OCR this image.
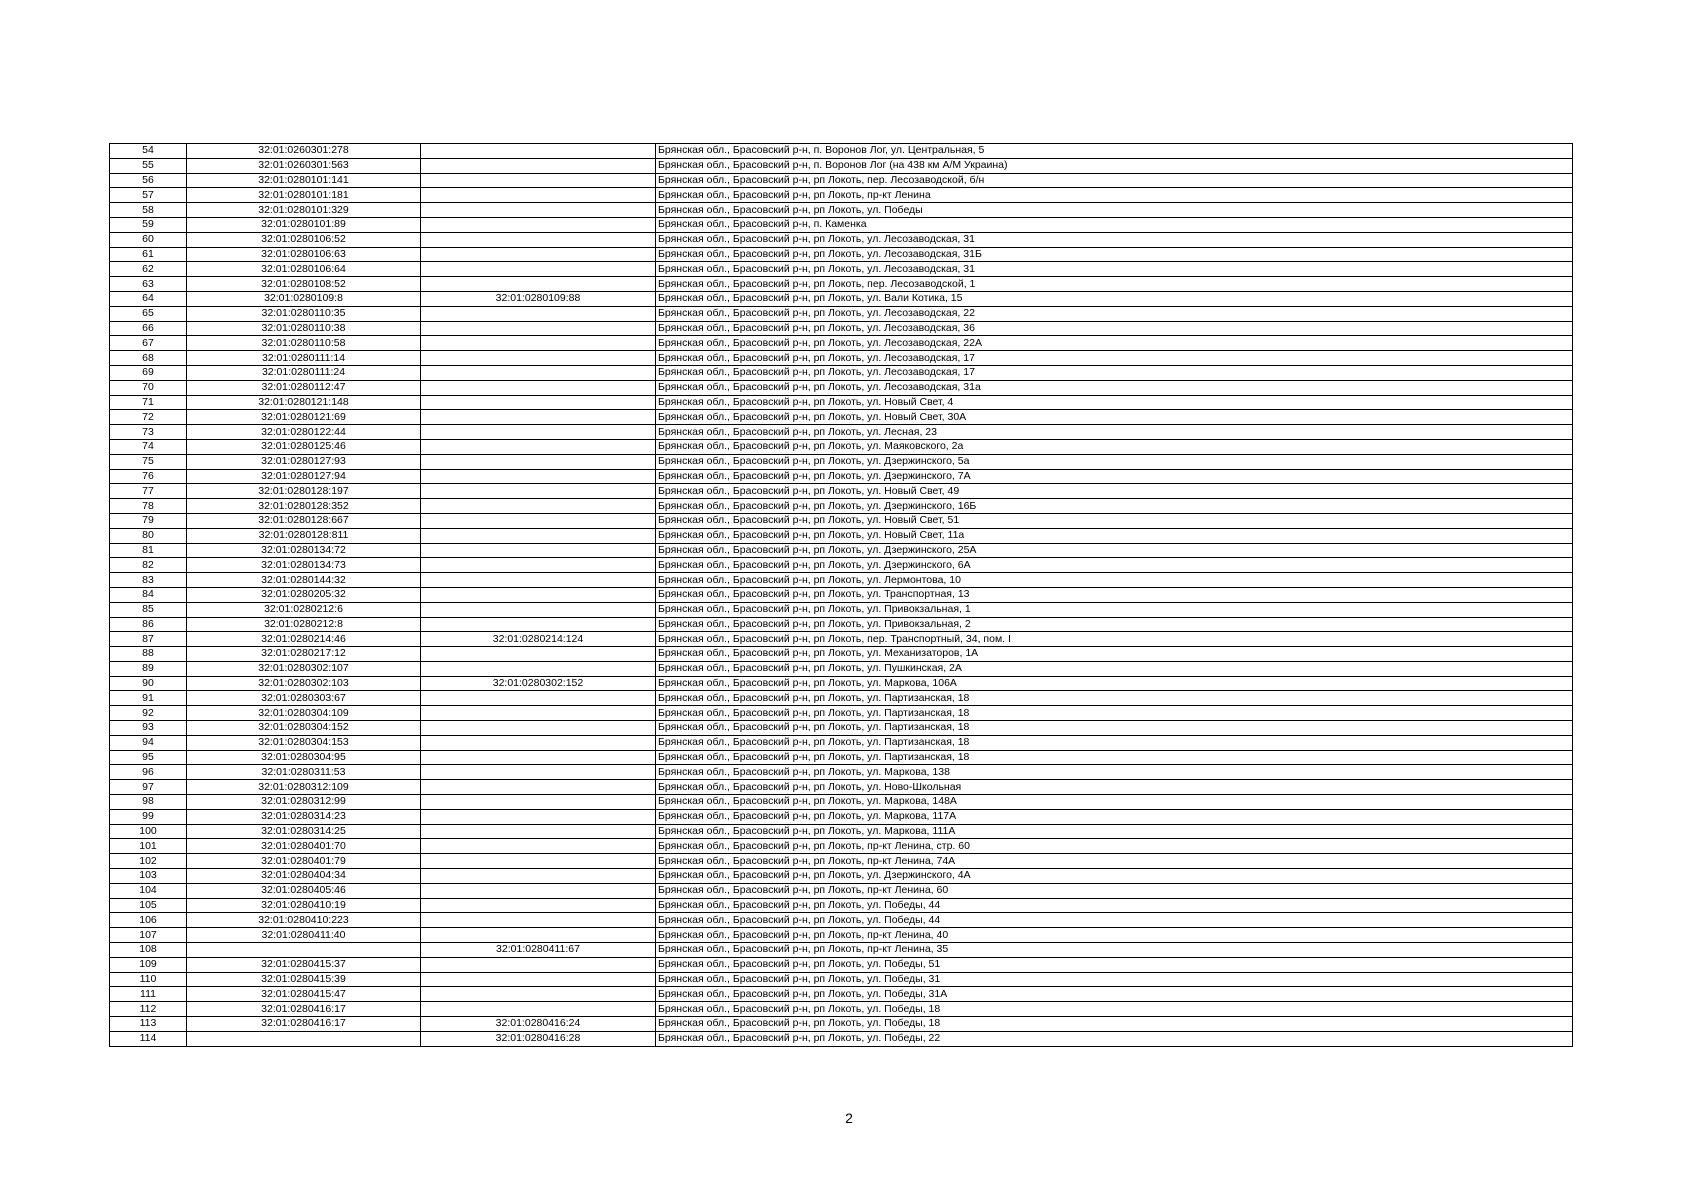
54	32:01:0260301:278		Брянская обл., Брасовский р-н, п. Воронов Лог, ул. Центральная, 5
55	32:01:0260301:563		Брянская обл., Брасовский р-н, п. Воронов Лог (на 438 км А/М Украина)
56	32:01:0280101:141		Брянская обл., Брасовский р-н, рп Локоть, пер. Лесозаводской, б/н
57	32:01:0280101:181		Брянская обл., Брасовский р-н, рп Локоть, пр-кт Ленина
58	32:01:0280101:329		Брянская обл., Брасовский р-н, рп Локоть, ул. Победы
59	32:01:0280101:89		Брянская обл., Брасовский р-н, п. Каменка
60	32:01:0280106:52		Брянская обл., Брасовский р-н, рп Локоть, ул. Лесозаводская, 31
61	32:01:0280106:63		Брянская обл., Брасовский р-н, рп Локоть, ул. Лесозаводская, 31Б
62	32:01:0280106:64		Брянская обл., Брасовский р-н, рп Локоть, ул. Лесозаводская, 31
63	32:01:0280108:52		Брянская обл., Брасовский р-н, рп Локоть, пер. Лесозаводской, 1
64	32:01:0280109:8	32:01:0280109:88	Брянская обл., Брасовский р-н, рп Локоть, ул. Вали Котика, 15
65	32:01:0280110:35		Брянская обл., Брасовский р-н, рп Локоть, ул. Лесозаводская, 22
66	32:01:0280110:38		Брянская обл., Брасовский р-н, рп Локоть, ул. Лесозаводская, 36
67	32:01:0280110:58		Брянская обл., Брасовский р-н, рп Локоть, ул. Лесозаводская, 22А
68	32:01:0280111:14		Брянская обл., Брасовский р-н, рп Локоть, ул. Лесозаводская, 17
69	32:01:0280111:24		Брянская обл., Брасовский р-н, рп Локоть, ул. Лесозаводская, 17
70	32:01:0280112:47		Брянская обл., Брасовский р-н, рп Локоть, ул. Лесозаводская, 31а
71	32:01:0280121:148		Брянская обл., Брасовский р-н, рп Локоть, ул. Новый Свет, 4
72	32:01:0280121:69		Брянская обл., Брасовский р-н, рп Локоть, ул. Новый Свет, 30А
73	32:01:0280122:44		Брянская обл., Брасовский р-н, рп Локоть, ул. Лесная, 23
74	32:01:0280125:46		Брянская обл., Брасовский р-н, рп Локоть, ул. Маяковского, 2а
75	32:01:0280127:93		Брянская обл., Брасовский р-н, рп Локоть, ул. Дзержинского, 5а
76	32:01:0280127:94		Брянская обл., Брасовский р-н, рп Локоть, ул. Дзержинского, 7А
77	32:01:0280128:197		Брянская обл., Брасовский р-н, рп Локоть, ул. Новый Свет, 49
78	32:01:0280128:352		Брянская обл., Брасовский р-н, рп Локоть, ул. Дзержинского, 16Б
79	32:01:0280128:667		Брянская обл., Брасовский р-н, рп Локоть, ул. Новый Свет, 51
80	32:01:0280128:811		Брянская обл., Брасовский р-н, рп Локоть, ул. Новый Свет, 11а
81	32:01:0280134:72		Брянская обл., Брасовский р-н, рп Локоть, ул. Дзержинского, 25А
82	32:01:0280134:73		Брянская обл., Брасовский р-н, рп Локоть, ул. Дзержинского, 6А
83	32:01:0280144:32		Брянская обл., Брасовский р-н, рп Локоть, ул. Лермонтова, 10
84	32:01:0280205:32		Брянская обл., Брасовский р-н, рп Локоть, ул. Транспортная, 13
85	32:01:0280212:6		Брянская обл., Брасовский р-н, рп Локоть, ул. Привокзальная, 1
86	32:01:0280212:8		Брянская обл., Брасовский р-н, рп Локоть, ул. Привокзальная, 2
87	32:01:0280214:46	32:01:0280214:124	Брянская обл., Брасовский р-н, рп Локоть, пер. Транспортный, 34, пом. I
88	32:01:0280217:12		Брянская обл., Брасовский р-н, рп Локоть, ул. Механизаторов, 1А
89	32:01:0280302:107		Брянская обл., Брасовский р-н, рп Локоть, ул. Пушкинская, 2А
90	32:01:0280302:103	32:01:0280302:152	Брянская обл., Брасовский р-н, рп Локоть, ул. Маркова, 106А
91	32:01:0280303:67		Брянская обл., Брасовский р-н, рп Локоть, ул. Партизанская, 18
92	32:01:0280304:109		Брянская обл., Брасовский р-н, рп Локоть, ул. Партизанская, 18
93	32:01:0280304:152		Брянская обл., Брасовский р-н, рп Локоть, ул. Партизанская, 18
94	32:01:0280304:153		Брянская обл., Брасовский р-н, рп Локоть, ул. Партизанская, 18
95	32:01:0280304:95		Брянская обл., Брасовский р-н, рп Локоть, ул. Партизанская, 18
96	32:01:0280311:53		Брянская обл., Брасовский р-н, рп Локоть, ул. Маркова, 138
97	32:01:0280312:109		Брянская обл., Брасовский р-н, рп Локоть, ул. Ново-Школьная
98	32:01:0280312:99		Брянская обл., Брасовский р-н, рп Локоть, ул. Маркова, 148А
99	32:01:0280314:23		Брянская обл., Брасовский р-н, рп Локоть, ул. Маркова, 117А
100	32:01:0280314:25		Брянская обл., Брасовский р-н, рп Локоть, ул. Маркова, 111А
101	32:01:0280401:70		Брянская обл., Брасовский р-н, рп Локоть, пр-кт Ленина, стр. 60
102	32:01:0280401:79		Брянская обл., Брасовский р-н, рп Локоть, пр-кт Ленина, 74А
103	32:01:0280404:34		Брянская обл., Брасовский р-н, рп Локоть, ул. Дзержинского, 4А
104	32:01:0280405:46		Брянская обл., Брасовский р-н, рп Локоть, пр-кт Ленина, 60
105	32:01:0280410:19		Брянская обл., Брасовский р-н, рп Локоть, ул. Победы, 44
106	32:01:0280410:223		Брянская обл., Брасовский р-н, рп Локоть, ул. Победы, 44
107	32:01:0280411:40		Брянская обл., Брасовский р-н, рп Локоть, пр-кт Ленина, 40
108		32:01:0280411:67	Брянская обл., Брасовский р-н, рп Локоть, пр-кт Ленина, 35
109	32:01:0280415:37		Брянская обл., Брасовский р-н, рп Локоть, ул. Победы, 51
110	32:01:0280415:39		Брянская обл., Брасовский р-н, рп Локоть, ул. Победы, 31
111	32:01:0280415:47		Брянская обл., Брасовский р-н, рп Локоть, ул. Победы, 31А
112	32:01:0280416:17		Брянская обл., Брасовский р-н, рп Локоть, ул. Победы, 18
113	32:01:0280416:17	32:01:0280416:24	Брянская обл., Брасовский р-н, рп Локоть, ул. Победы, 18
114		32:01:0280416:28	Брянская обл., Брасовский р-н, рп Локоть, ул. Победы, 22
2
